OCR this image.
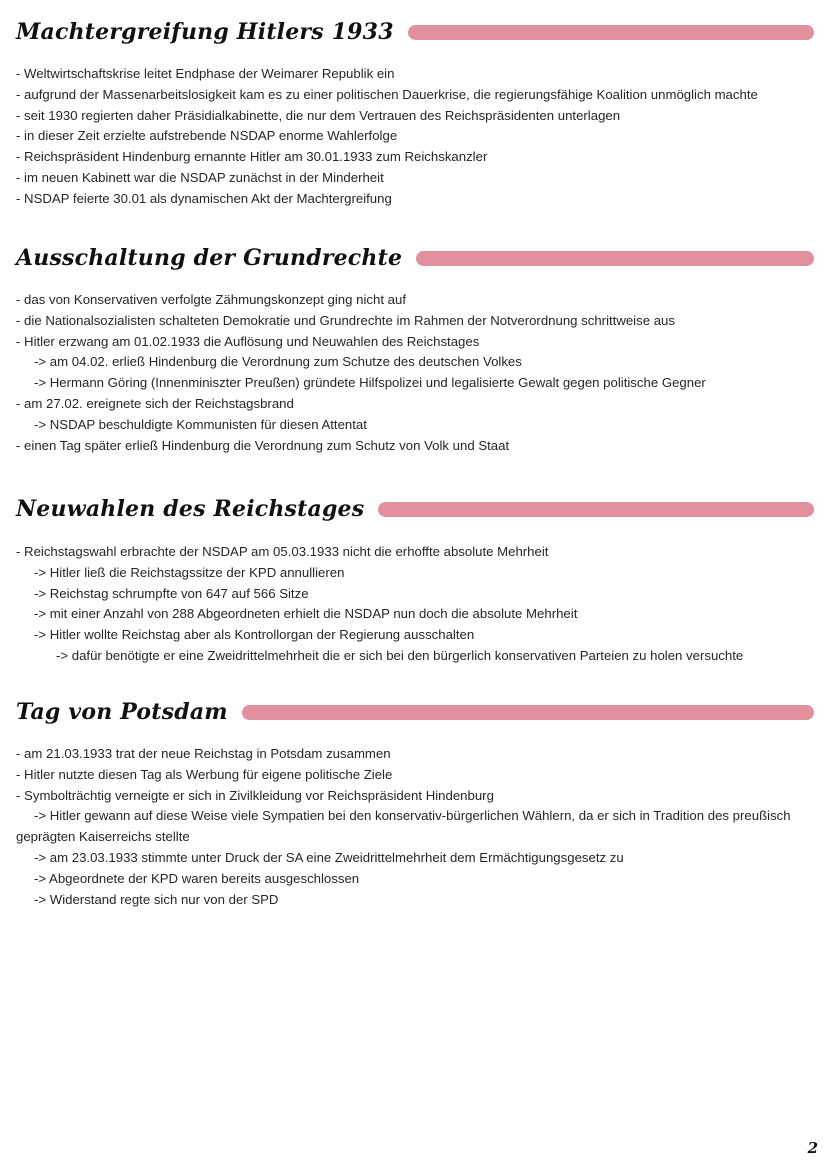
Machtergreifung Hitlers 1933
- Weltwirtschaftskrise leitet Endphase der Weimarer Republik ein
- aufgrund der Massenarbeitslosigkeit kam es zu einer politischen Dauerkrise, die regierungsfähige Koalition unmöglich machte
- seit 1930 regierten daher Präsidialkabinette, die nur dem Vertrauen des Reichspräsidenten unterlagen
- in dieser Zeit erzielte aufstrebende NSDAP enorme Wahlerfolge
- Reichspräsident Hindenburg ernannte Hitler am 30.01.1933 zum Reichskanzler
- im neuen Kabinett war die NSDAP zunächst in der Minderheit
- NSDAP feierte 30.01 als dynamischen Akt der Machtergreifung
Ausschaltung der Grundrechte
- das von Konservativen verfolgte Zähmungskonzept ging nicht auf
- die Nationalsozialisten schalteten Demokratie und Grundrechte im Rahmen der Notverordnung schrittweise aus
- Hitler erzwang am 01.02.1933 die Auflösung und Neuwahlen des Reichstages
-> am 04.02. erließ Hindenburg die Verordnung zum Schutze des deutschen Volkes
-> Hermann Göring (Innenminiszter Preußen) gründete Hilfspolizei und legalisierte Gewalt gegen politische Gegner
- am 27.02. ereignete sich der Reichstagsbrand
-> NSDAP beschuldigte Kommunisten für diesen Attentat
- einen Tag später erließ Hindenburg die Verordnung zum Schutz von Volk und Staat
Neuwahlen des Reichstages
- Reichstagswahl erbrachte der NSDAP am 05.03.1933 nicht die erhoffte absolute Mehrheit
-> Hitler ließ die Reichstagssitze der KPD annullieren
-> Reichstag schrumpfte von 647 auf 566 Sitze
-> mit einer Anzahl von 288 Abgeordneten erhielt die NSDAP nun doch die absolute Mehrheit
-> Hitler wollte Reichstag aber als Kontrollorgan der Regierung ausschalten
-> dafür benötigte er eine Zweidrittelmehrheit die er sich bei den bürgerlich konservativen Parteien zu holen versuchte
Tag von Potsdam
- am 21.03.1933 trat der neue Reichstag in Potsdam zusammen
- Hitler nutzte diesen Tag als Werbung für eigene politische Ziele
- Symbolträchtig verneigte er sich in Zivilkleidung vor Reichspräsident Hindenburg
-> Hitler gewann auf diese Weise viele Sympatien bei den konservativ-bürgerlichen Wählern, da er sich in Tradition des preußisch
geprägten Kaiserreichs stellte
-> am 23.03.1933 stimmte unter Druck der SA eine Zweidrittelmehrheit dem Ermächtigungsgesetz zu
-> Abgeordnete der KPD waren bereits ausgeschlossen
-> Widerstand regte sich nur von der SPD
2
